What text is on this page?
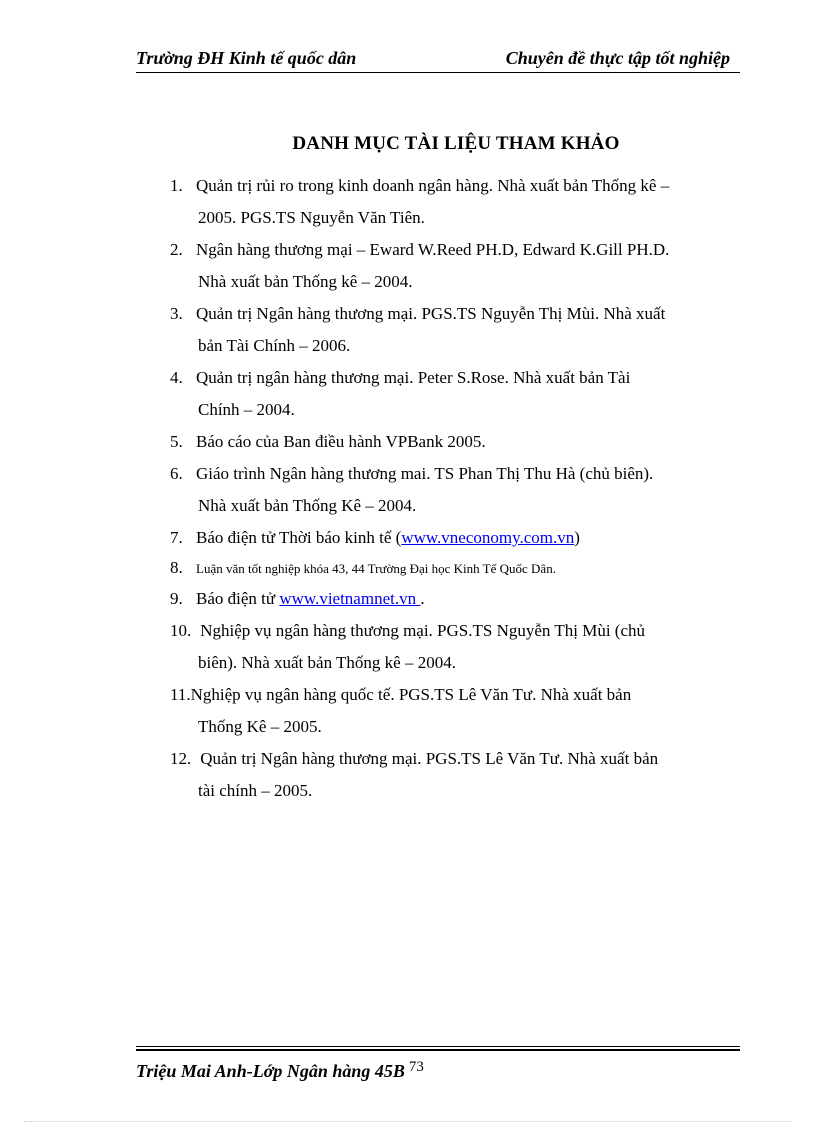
Trường ĐH Kinh tế quốc dân	Chuyên đề thực tập tốt nghiệp
DANH MỤC TÀI LIỆU THAM KHẢO
1. Quản trị rủi ro trong kinh doanh ngân hàng. Nhà xuất bản Thống kê –
2005. PGS.TS Nguyễn Văn Tiên.
2. Ngân hàng thương mại – Eward W.Reed PH.D, Edward K.Gill PH.D.
Nhà xuất bản Thống kê – 2004.
3. Quản trị Ngân hàng thương mại. PGS.TS Nguyễn Thị Mùi. Nhà xuất
bản Tài Chính – 2006.
4. Quản trị ngân hàng thương mại. Peter S.Rose. Nhà xuất bản Tài
Chính – 2004.
5. Báo cáo của Ban điều hành VPBank 2005.
6. Giáo trình Ngân hàng thương mai. TS Phan Thị Thu Hà (chủ biên).
Nhà xuất bản Thống Kê – 2004.
7. Báo điện tử Thời báo kinh tế (www.vneconomy.com.vn)
8. Luận văn tốt nghiệp khóa 43, 44 Trường Đại học Kinh Tế Quốc Dân.
9. Báo điện tử www.vietnamnet.vn .
10. Nghiệp vụ ngân hàng thương mại. PGS.TS Nguyễn Thị Mùi (chủ
biên). Nhà xuất bản Thống kê – 2004.
11.Nghiệp vụ ngân hàng quốc tế. PGS.TS Lê Văn Tư. Nhà xuất bản
Thống Kê – 2005.
12. Quản trị Ngân hàng thương mại. PGS.TS Lê Văn Tư. Nhà xuất bản
tài chính – 2005.
Triệu Mai Anh-Lớp Ngân hàng 45B $^{73}$
